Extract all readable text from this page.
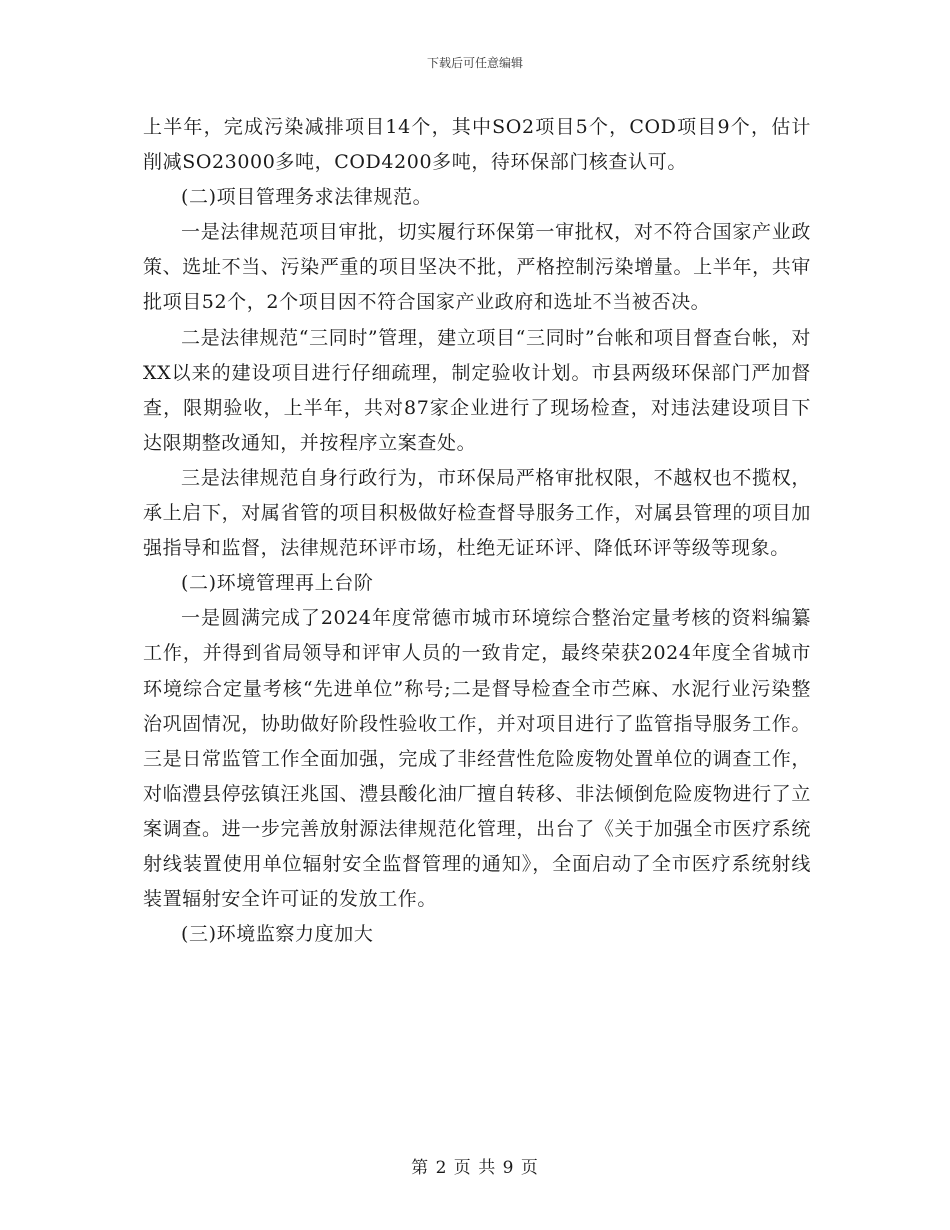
下载后可任意编辑

上半年，完成污染减排项目14个，其中SO2项目5个，COD项目9个，估计削减SO23000多吨，COD4200多吨，待环保部门核查认可。

(二)项目管理务求法律规范。

一是法律规范项目审批，切实履行环保第一审批权，对不符合国家产业政策、选址不当、污染严重的项目坚决不批，严格控制污染增量。上半年，共审批项目52个，2个项目因不符合国家产业政府和选址不当被否决。

二是法律规范“三同时”管理，建立项目“三同时”台帐和项目督查台帐，对XX以来的建设项目进行仔细疏理，制定验收计划。市县两级环保部门严加督查，限期验收，上半年，共对87家企业进行了现场检查，对违法建设项目下达限期整改通知，并按程序立案查处。

三是法律规范自身行政行为，市环保局严格审批权限，不越权也不揽权，承上启下，对属省管的项目积极做好检查督导服务工作，对属县管理的项目加强指导和监督，法律规范环评市场，杜绝无证环评、降低环评等级等现象。

(二)环境管理再上台阶

一是圆满完成了2024年度常德市城市环境综合整治定量考核的资料编纂工作，并得到省局领导和评审人员的一致肯定，最终荣获2024年度全省城市环境综合定量考核“先进单位”称号;二是督导检查全市苎麻、水泥行业污染整治巩固情况，协助做好阶段性验收工作，并对项目进行了监管指导服务工作。三是日常监管工作全面加强，完成了非经营性危险废物处置单位的调查工作，对临澧县停弦镇汪兆国、澧县酸化油厂擅自转移、非法倾倒危险废物进行了立案调查。进一步完善放射源法律规范化管理，出台了《关于加强全市医疗系统射线装置使用单位辐射安全监督管理的通知》，全面启动了全市医疗系统射线装置辐射安全许可证的发放工作。

(三)环境监察力度加大

第 2 页 共 9 页
